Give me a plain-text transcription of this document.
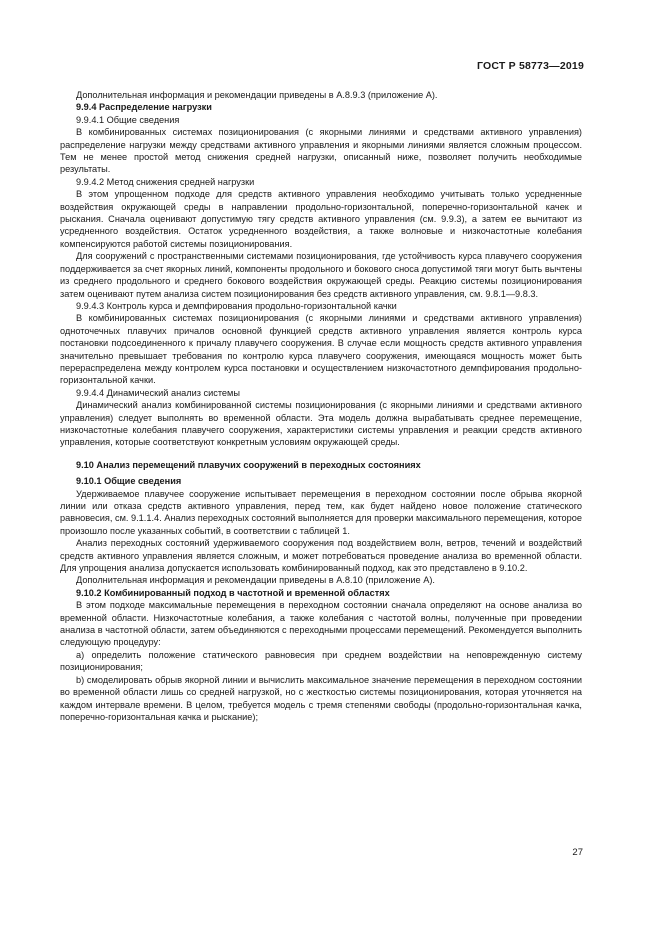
ГОСТ Р 58773—2019

Дополнительная информация и рекомендации приведены в А.8.9.3 (приложение А).

9.9.4 Распределение нагрузки

9.9.4.1 Общие сведения

В комбинированных системах позиционирования (с якорными линиями и средствами активного управления) распределение нагрузки между средствами активного управления и якорными линиями является сложным процессом. Тем не менее простой метод снижения средней нагрузки, описанный ниже, позволяет получить необходимые результаты.

9.9.4.2 Метод снижения средней нагрузки

В этом упрощенном подходе для средств активного управления необходимо учитывать только усредненные воздействия окружающей среды в направлении продольно-горизонтальной, поперечно-горизонтальной качек и рыскания. Сначала оценивают допустимую тягу средств активного управления (см. 9.9.3), а затем ее вычитают из усредненного воздействия. Остаток усредненного воздействия, а также волновые и низкочастотные колебания компенсируются работой системы позиционирования.

Для сооружений с пространственными системами позиционирования, где устойчивость курса плавучего сооружения поддерживается за счет якорных линий, компоненты продольного и бокового сноса допустимой тяги могут быть вычтены из среднего продольного и среднего бокового воздействия окружающей среды. Реакцию системы позиционирования затем оценивают путем анализа систем позиционирования без средств активного управления, см. 9.8.1—9.8.3.

9.9.4.3 Контроль курса и демпфирования продольно-горизонтальной качки

В комбинированных системах позиционирования (с якорными линиями и средствами активного управления) одноточечных плавучих причалов основной функцией средств активного управления является контроль курса постановки подсоединенного к причалу плавучего сооружения. В случае если мощность средств активного управления значительно превышает требования по контролю курса плавучего сооружения, имеющаяся мощность может быть перераспределена между контролем курса постановки и осуществлением низкочастотного демпфирования продольно-горизонтальной качки.

9.9.4.4 Динамический анализ системы

Динамический анализ комбинированной системы позиционирования (с якорными линиями и средствами активного управления) следует выполнять во временной области. Эта модель должна вырабатывать среднее перемещение, низкочастотные колебания плавучего сооружения, характеристики системы управления и реакции средств активного управления, которые соответствуют конкретным условиям окружающей среды.

9.10 Анализ перемещений плавучих сооружений в переходных состояниях

9.10.1 Общие сведения

Удерживаемое плавучее сооружение испытывает перемещения в переходном состоянии после обрыва якорной линии или отказа средств активного управления, перед тем, как будет найдено новое положение статического равновесия, см. 9.1.1.4. Анализ переходных состояний выполняется для проверки максимального перемещения, которое произошло после указанных событий, в соответствии с таблицей 1.

Анализ переходных состояний удерживаемого сооружения под воздействием волн, ветров, течений и воздействий средств активного управления является сложным, и может потребоваться проведение анализа во временной области. Для упрощения анализа допускается использовать комбинированный подход, как это представлено в 9.10.2.

Дополнительная информация и рекомендации приведены в А.8.10 (приложение А).

9.10.2 Комбинированный подход в частотной и временной областях

В этом подходе максимальные перемещения в переходном состоянии сначала определяют на основе анализа во временной области. Низкочастотные колебания, а также колебания с частотой волны, полученные при проведении анализа в частотной области, затем объединяются с переходными процессами перемещений. Рекомендуется выполнить следующую процедуру:

a) определить положение статического равновесия при среднем воздействии на неповрежденную систему позиционирования;

b) смоделировать обрыв якорной линии и вычислить максимальное значение перемещения в переходном состоянии во временной области лишь со средней нагрузкой, но с жесткостью системы позиционирования, которая уточняется на каждом интервале времени. В целом, требуется модель с тремя степенями свободы (продольно-горизонтальная качка, поперечно-горизонтальная качка и рыскание);

27
